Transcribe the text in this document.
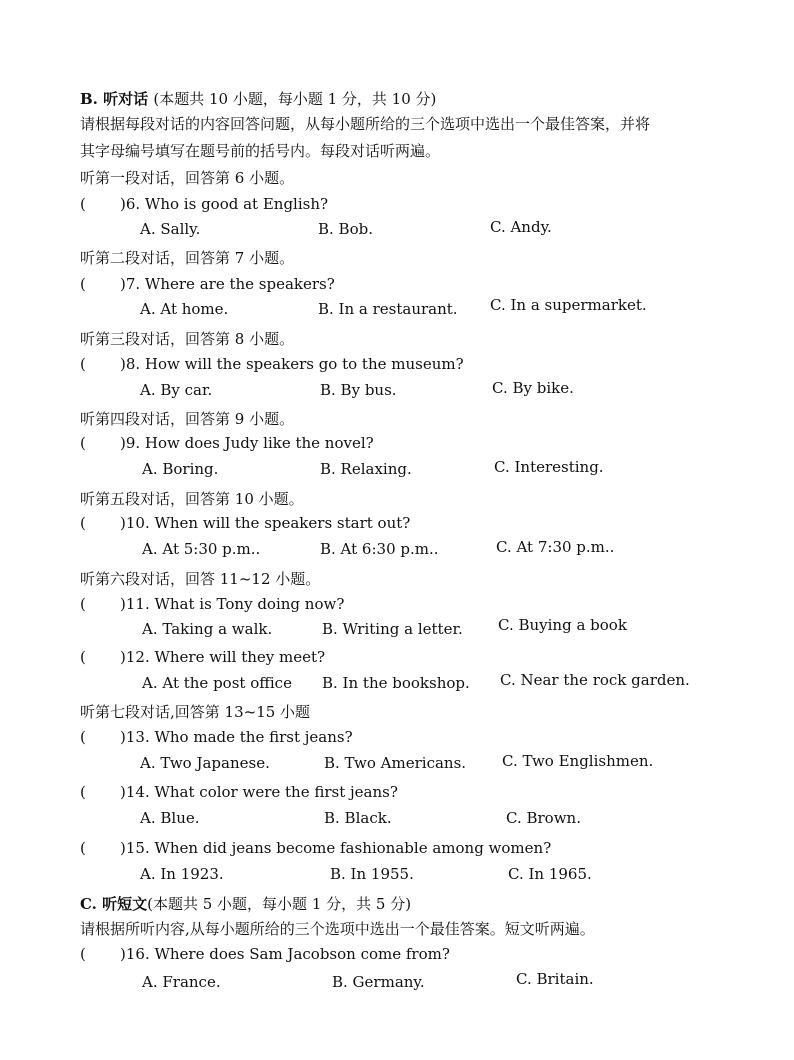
B. 听对话 (本题共 10 小题，每小题 1 分，共 10 分)
请根据每段对话的内容回答问题，从每小题所给的三个选项中选出一个最佳答案，并将
其字母编号填写在题号前的括号内。每段对话听两遍。
听第一段对话，回答第 6 小题。
( )6. Who is good at English?
A. Sally.	B. Bob.	C. Andy.
听第二段对话，回答第 7 小题。
( )7. Where are the speakers?
A. At home.	B. In a restaurant. C. In a supermarket.
听第三段对话，回答第 8 小题。
( )8. How will the speakers go to the museum?
A. By car.	B. By bus.	C. By bike.
听第四段对话，回答第 9 小题。
( )9. How does Judy like the novel?
A. Boring.	B. Relaxing.	C. Interesting.
听第五段对话，回答第 10 小题。
( )10. When will the speakers start out?
A. At 5:30 p.m..	B. At 6:30 p.m..	C. At 7:30 p.m..
听第六段对话，回答 11~12 小题。
( )11. What is Tony doing now?
A. Taking a walk.	B. Writing a letter. C. Buying a book
( )12. Where will they meet?
A. At the post office B. In the bookshop. C. Near the rock garden.
听第七段对话,回答第 13~15 小题
( )13. Who made the first jeans?
A. Two Japanese.	B. Two Americans. C. Two Englishmen.
( )14. What color were the first jeans?
A. Blue.	B. Black.	C. Brown.
( )15. When did jeans become fashionable among women?
A. In 1923.	B. In 1955.	C. In 1965.
C. 听短文(本题共 5 小题，每小题 1 分，共 5 分)
请根据所听内容,从每小题所给的三个选项中选出一个最佳答案。短文听两遍。
( )16. Where does Sam Jacobson come from?
A. France.	B. Germany.	C. Britain.
